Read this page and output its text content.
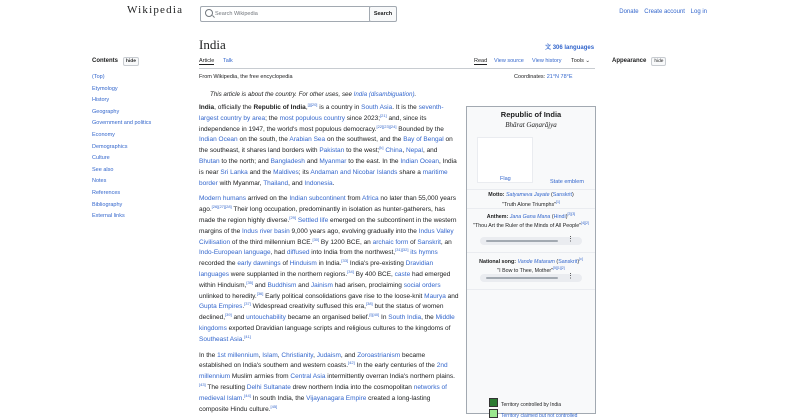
Wikipedia
Search Wikipedia	Search	Donate Create account Log in
Contents hide
(Top)
Etymology
History
Geography
Government and politics
Economy
Demographics
Culture
See also
Notes
References
Bibliography
External links
India	文 306 languages
Article Talk	Read View source View history Tools ⌄	Appearance hide
From Wikipedia, the free encyclopedia	Coordinates: 21°N 78°E
This article is about the country. For other uses, see India (disambiguation).

India, officially the Republic of India,[j][20] is a country in South Asia. It is the seventh-largest country by area; the most populous country since 2023;[21] and, since its independence in 1947, the world's most populous democracy.[22][23][24] Bounded by the Indian Ocean on the south, the Arabian Sea on the southwest, and the Bay of Bengal on the southeast, it shares land borders with Pakistan to the west;[k] China, Nepal, and Bhutan to the north; and Bangladesh and Myanmar to the east. In the Indian Ocean, India is near Sri Lanka and the Maldives; its Andaman and Nicobar Islands share a maritime border with Myanmar, Thailand, and Indonesia.

Modern humans arrived on the Indian subcontinent from Africa no later than 55,000 years ago.[26][27][28] Their long occupation, predominantly in isolation as hunter-gatherers, has made the region highly diverse.[29] Settled life emerged on the subcontinent in the western margins of the Indus river basin 9,000 years ago, evolving gradually into the Indus Valley Civilisation of the third millennium BCE.[30] By 1200 BCE, an archaic form of Sanskrit, an Indo-European language, had diffused into India from the northwest,[31][32] its hymns recorded the early dawnings of Hinduism in India.[33] India's pre-existing Dravidian languages were supplanted in the northern regions.[34] By 400 BCE, caste had emerged within Hinduism,[35] and Buddhism and Jainism had arisen, proclaiming social orders unlinked to heredity.[36] Early political consolidations gave rise to the loose-knit Maurya and Gupta Empires.[37] Widespread creativity suffused this era,[38] but the status of women declined,[39] and untouchability became an organised belief.[l][40] In South India, the Middle kingdoms exported Dravidian language scripts and religious cultures to the kingdoms of Southeast Asia.[41]

In the 1st millennium, Islam, Christianity, Judaism, and Zoroastrianism became established on India's southern and western coasts.[42] In the early centuries of the 2nd millennium Muslim armies from Central Asia intermittently overran India's northern plains.[43] The resulting Delhi Sultanate drew northern India into the cosmopolitan networks of medieval Islam.[44] In south India, the Vijayanagara Empire created a long-lasting composite Hindu culture.[45]

Republic of India
Bhārat Gaṇarājya
Flag	State emblem
Motto: Satyameva Jayate (Sanskrit)
"Truth Alone Triumphs"[1]
Anthem: Jana Gana Mana (Hindi)[2][3]
"Thou Art the Ruler of the Minds of All People"[4][2]
⋮
National song: Vande Mataram (Sanskrit)[c]
"I Bow to Thee, Mother"[5][1][2]
⋮
Territory controlled by India
Territory claimed but not controlled
